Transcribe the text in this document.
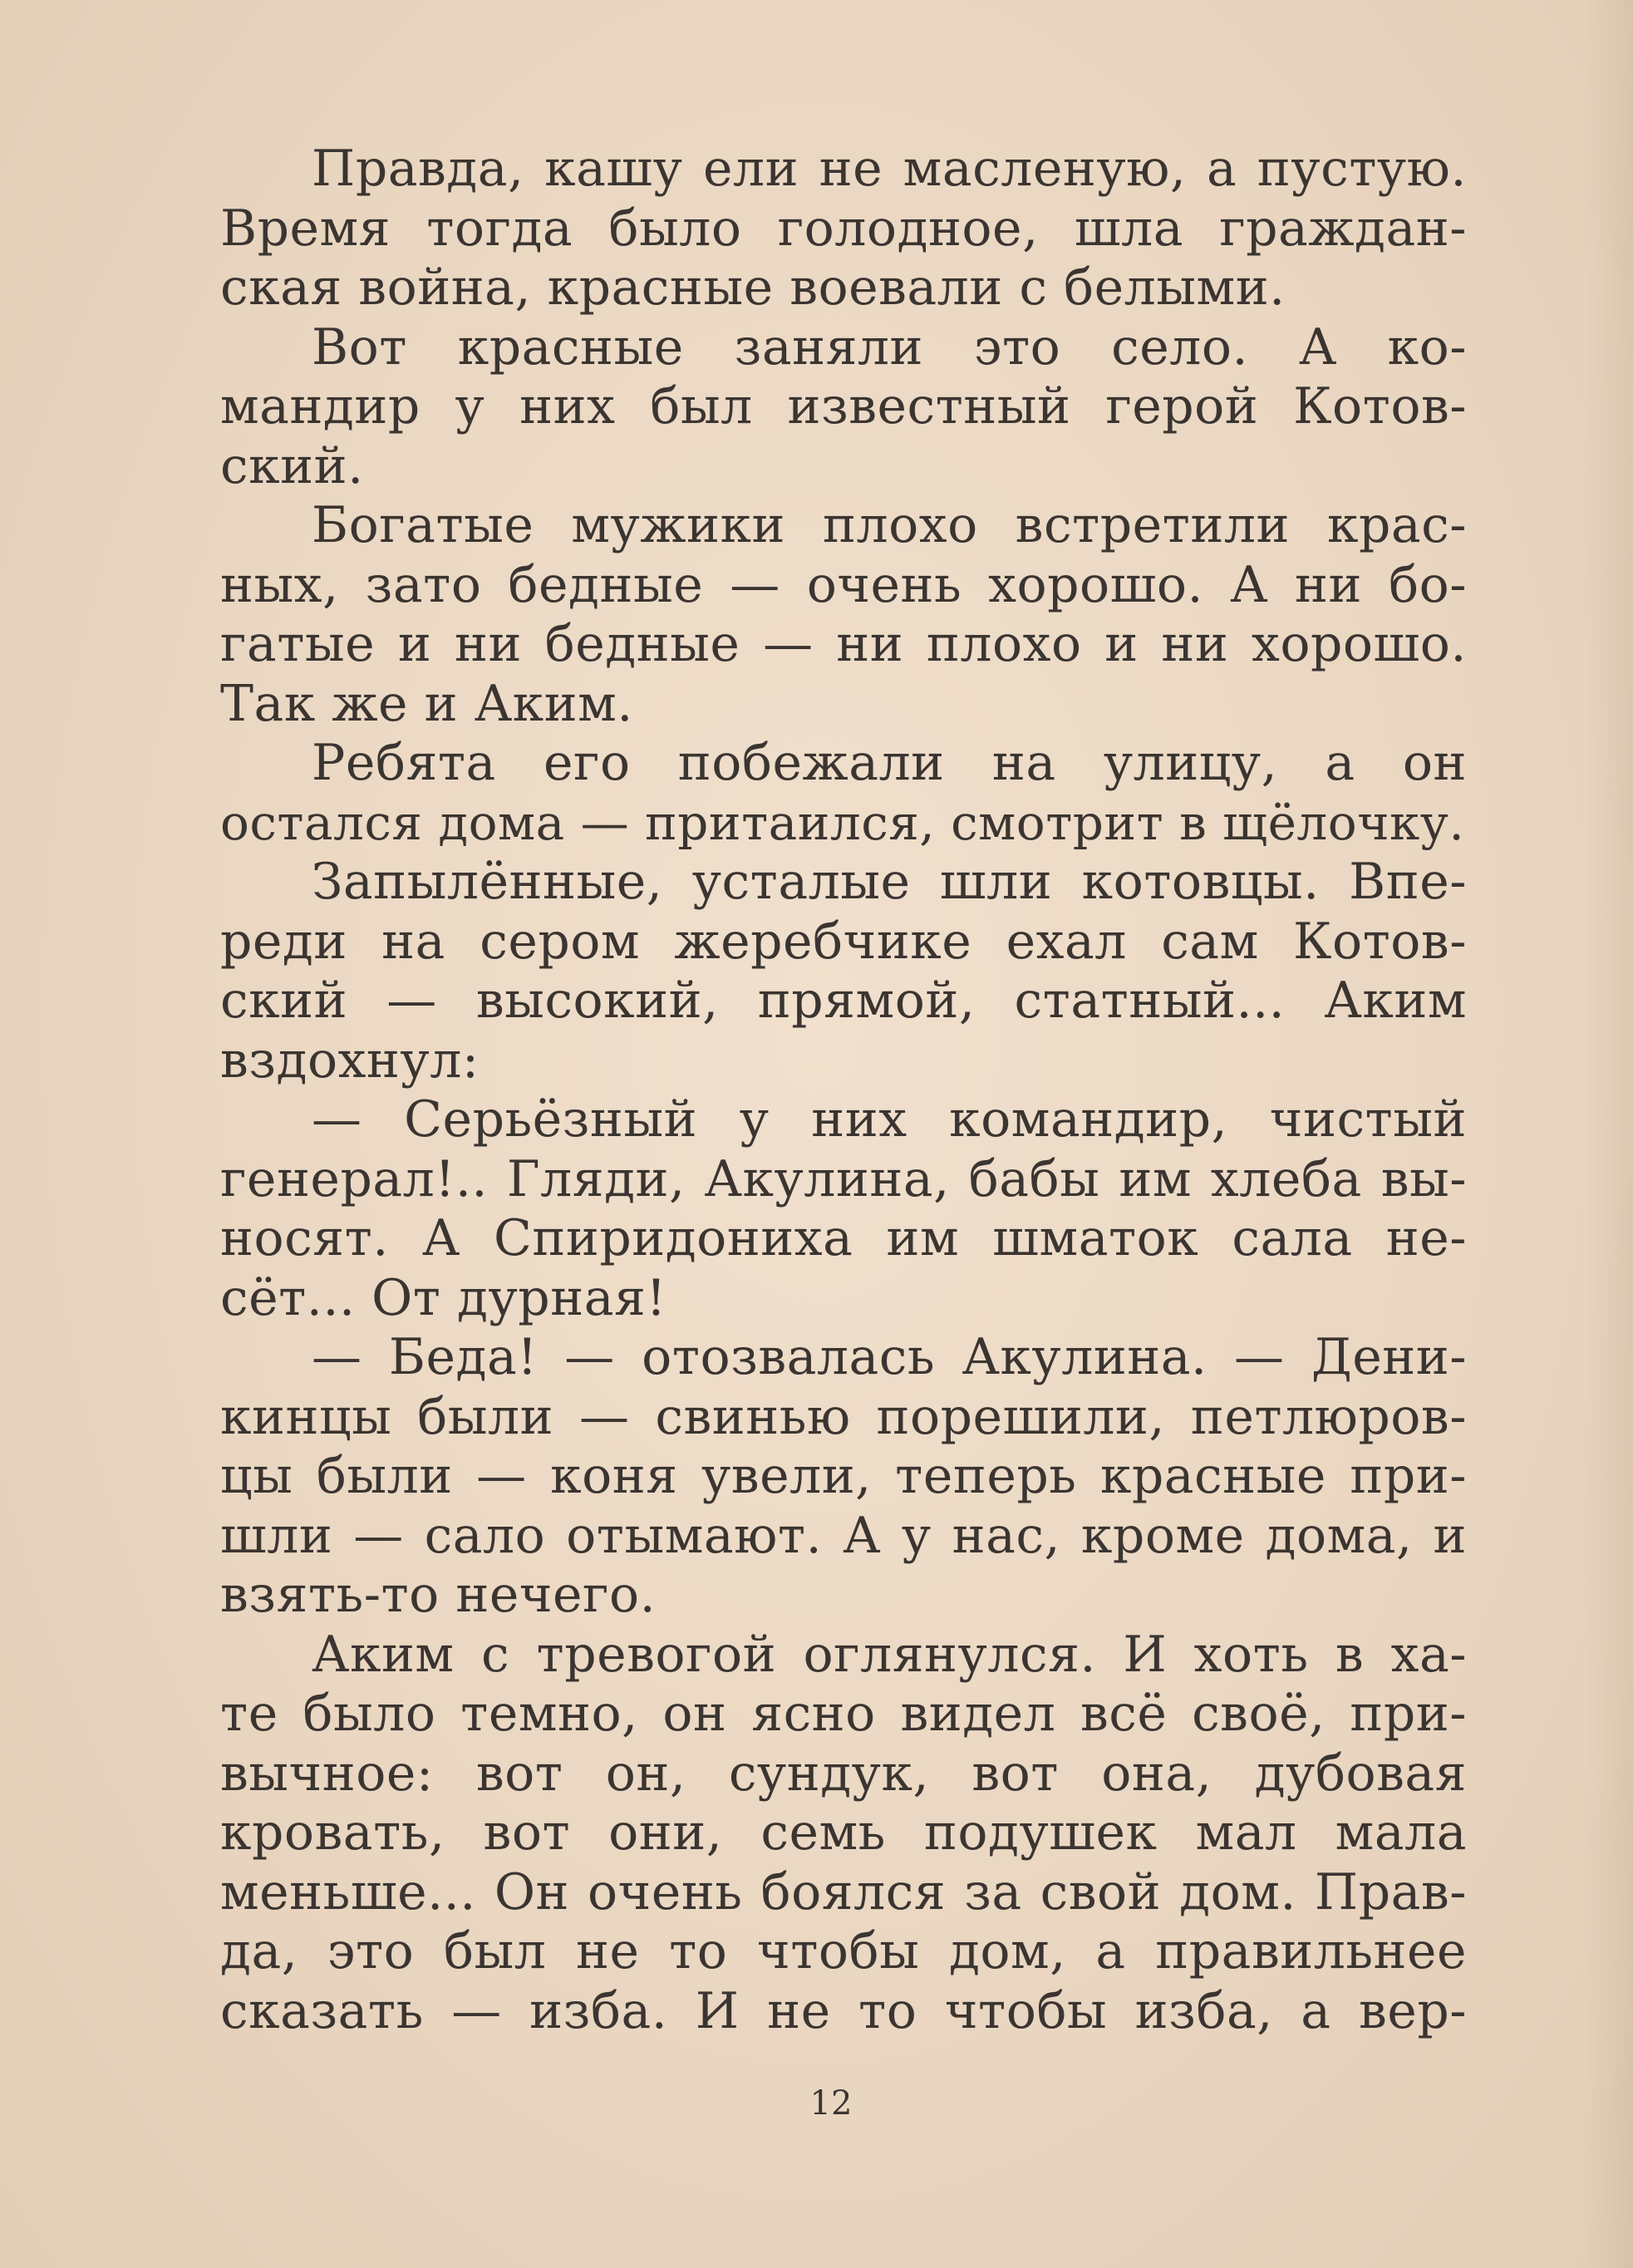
Правда, кашу ели не масленую, а пустую.
Время тогда было голодное, шла граждан-
ская война, красные воевали с белыми.
Вот красные заняли это село. А ко-
мандир у них был известный герой Котов-
ский.
Богатые мужики плохо встретили крас-
ных, зато бедные — очень хорошо. А ни бо-
гатые и ни бедные — ни плохо и ни хорошо.
Так же и Аким.
Ребята его побежали на улицу, а он
остался дома — притаился, смотрит в щёлочку.
Запылённые, усталые шли котовцы. Впе-
реди на сером жеребчике ехал сам Котов-
ский — высокий, прямой, статный... Аким
вздохнул:
— Серьёзный у них командир, чистый
генерал!.. Гляди, Акулина, бабы им хлеба вы-
носят. А Спиридониха им шматок сала не-
сёт... От дурная!
— Беда! — отозвалась Акулина. — Дени-
кинцы были — свинью порешили, петлюров-
цы были — коня увели, теперь красные при-
шли — сало отымают. А у нас, кроме дома, и
взять-то нечего.
Аким с тревогой оглянулся. И хоть в ха-
те было темно, он ясно видел всё своё, при-
вычное: вот он, сундук, вот она, дубовая
кровать, вот они, семь подушек мал мала
меньше... Он очень боялся за свой дом. Прав-
да, это был не то чтобы дом, а правильнее
сказать — изба. И не то чтобы изба, а вер-
12
